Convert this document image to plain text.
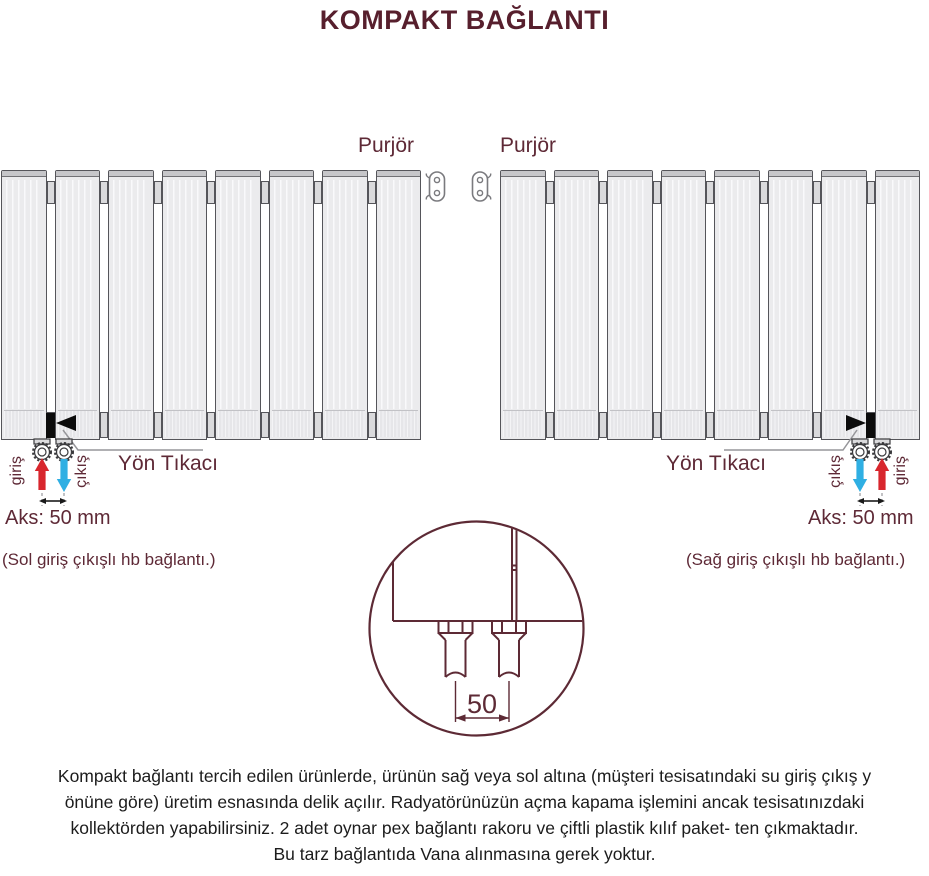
KOMPAKT BAĞLANTI
Purjör	Purjör
Yön Tıkacı	Yön Tıkacı
giriş	çıkış	çıkış	giriş
Aks: 50 mm	Aks: 50 mm
(Sol giriş çıkışlı hb bağlantı.)	(Sağ giriş çıkışlı hb bağlantı.)
50
Kompakt bağlantı tercih edilen ürünlerde, ürünün sağ veya sol altına (müşteri tesisatındaki su giriş çıkış y
önüne göre) üretim esnasında delik açılır. Radyatörünüzün açma kapama işlemini ancak tesisatınızdaki
kollektörden yapabilirsiniz. 2 adet oynar pex bağlantı rakoru ve çiftli plastik kılıf paket- ten çıkmaktadır.
Bu tarz bağlantıda Vana alınmasına gerek yoktur.
